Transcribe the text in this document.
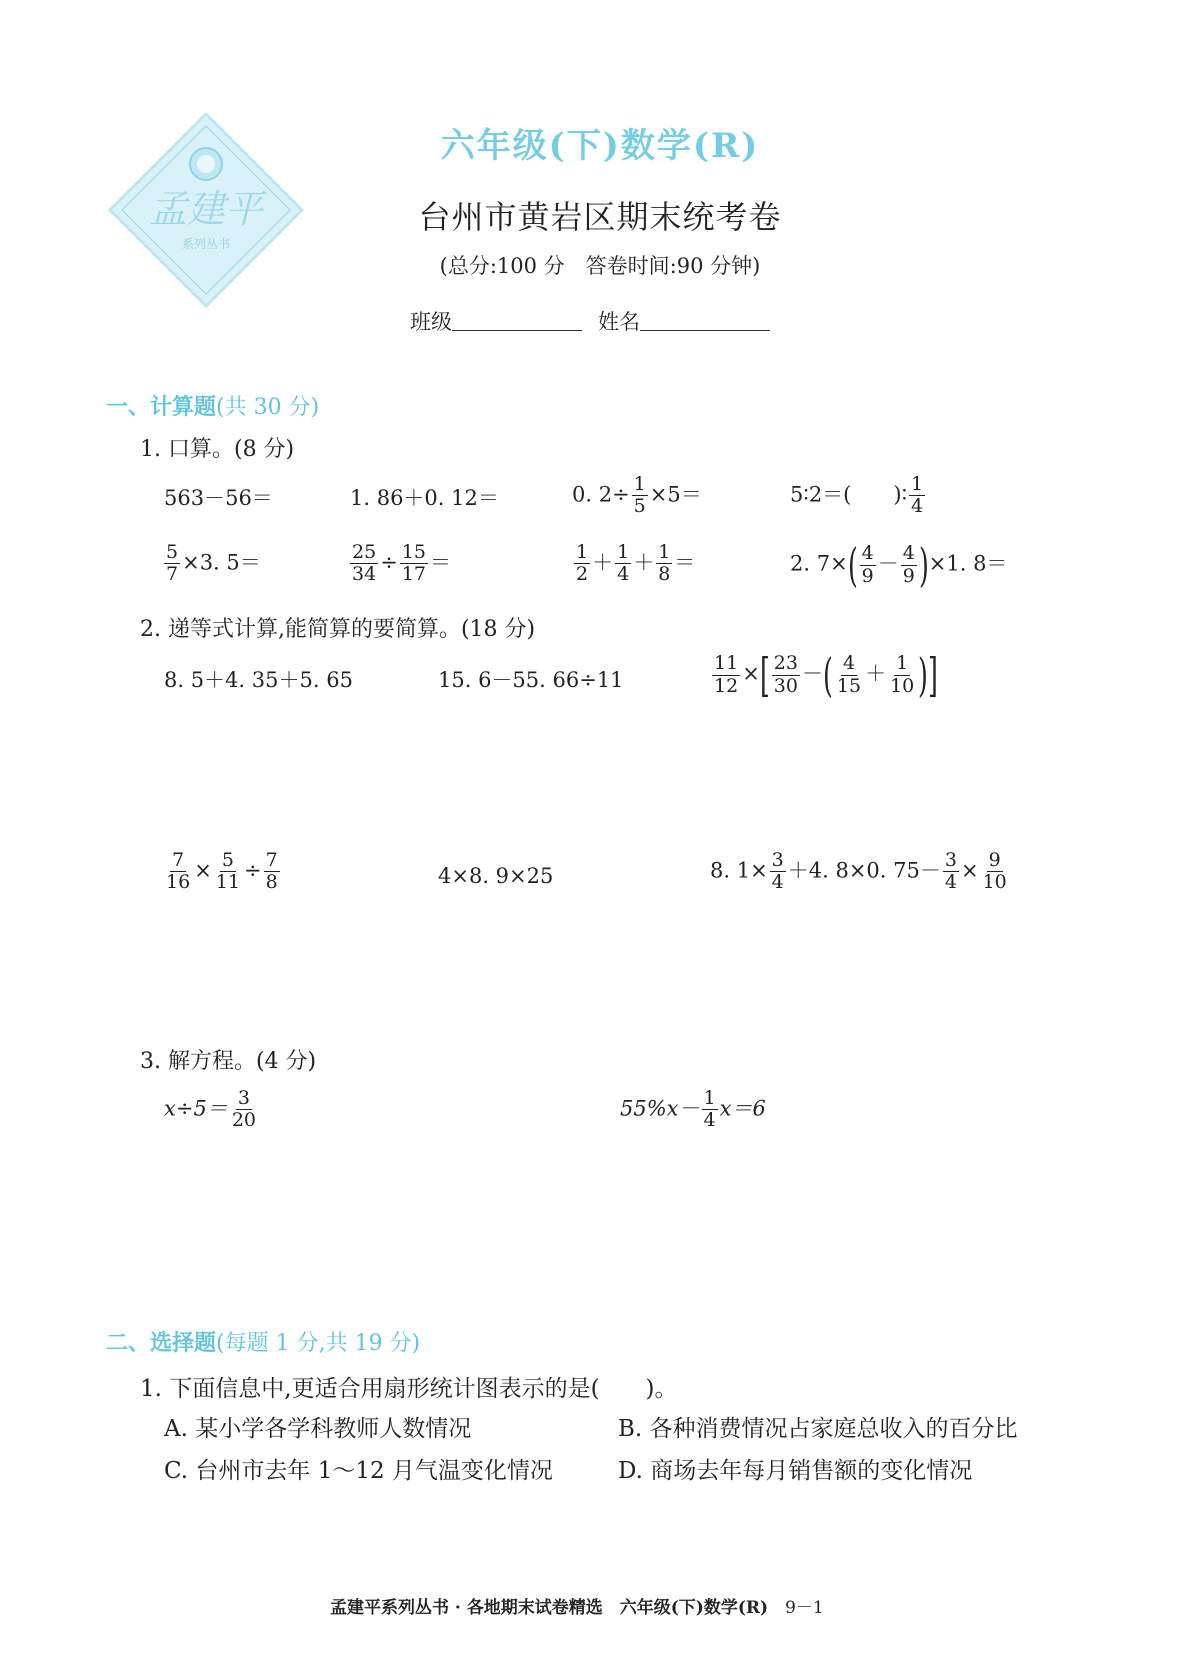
孟建平
系列丛书
六年级(下)数学(R)
台州市黄岩区期末统考卷
(总分:100 分　答卷时间:90 分钟)
班级	姓名
一、计算题(共 30 分)
1. 口算。(8 分)
563－56＝	1. 86＋0. 12＝	0. $2\div \frac{1}{5} \times 5=$	5∶2＝(　　)∶ $\frac{1}{4}$
$\frac{5}{7} \times 3$. 5＝	$\frac{25}{34} \div \frac{15}{17}$ ＝	$\frac{1}{2} + \frac{1}{4} + \frac{1}{8}$ ＝	2. $7\times( \frac{4}{9} - \frac{4}{9} )\times 1$. 8＝
2. 递等式计算,能简算的要简算。(18 分)
8. 5＋4. 35＋5. 65	15. 6－55. 66÷11	$\frac{11}{12}$ ×[ $\frac{23}{30}$ －( $\frac{4}{15} + \frac{1}{10}$ )]
$\frac{7}{16} \times \frac{5}{11} \div \frac{7}{8}$	4×8. 9×25	8. $1\times \frac{3}{4} +4$. 8×0. $75- \frac{3}{4} \times \frac{9}{10}$
3. 解方程。(4 分)
$x\div 5= \frac{3}{20}$	$55\%x- \frac{1}{4} x=6$
二、选择题(每题 1 分,共 19 分)
1. 下面信息中,更适合用扇形统计图表示的是(　　)。
A. 某小学各学科教师人数情况	B. 各种消费情况占家庭总收入的百分比
C. 台州市去年 1～12 月气温变化情况	D. 商场去年每月销售额的变化情况
孟建平系列丛书 · 各地期末试卷精选　六年级(下)数学(R)　 9－1
